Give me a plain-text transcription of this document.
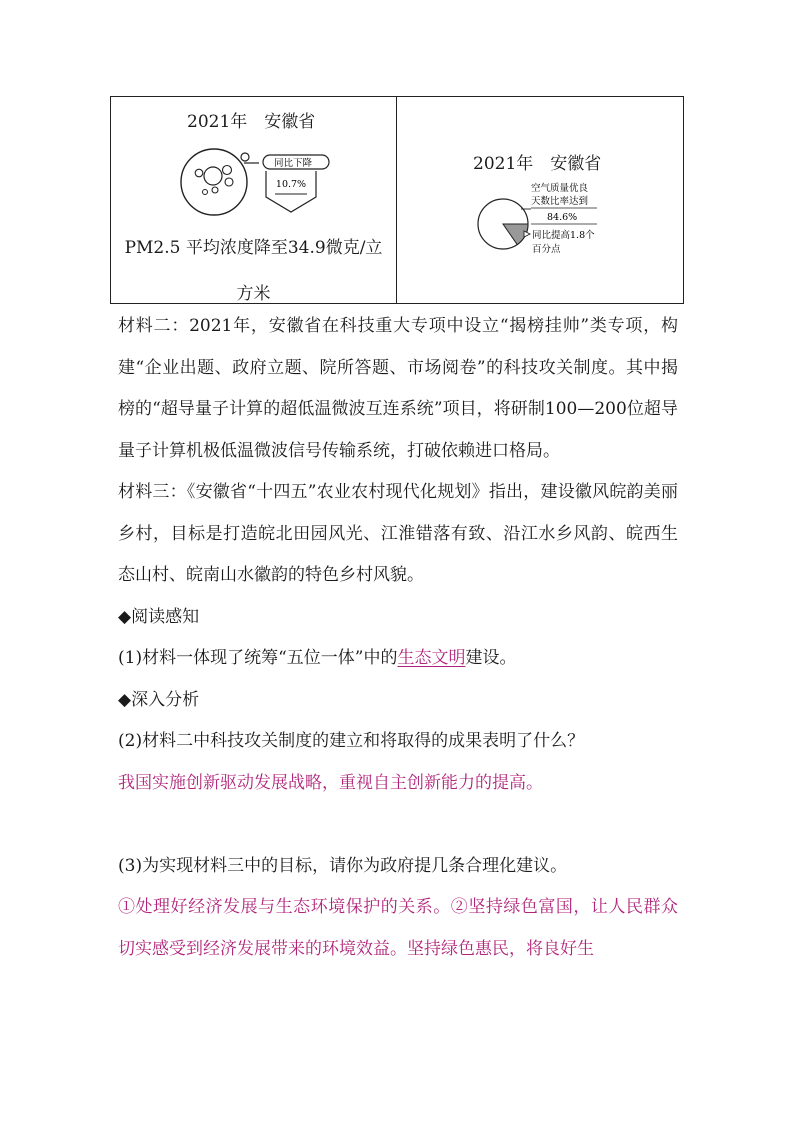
2021年　安徽省
同比下降
10.7%
PM2.5 平均浓度降至34.9微克/立方米
2021年　安徽省
空气质量优良
天数比率达到
84.6%
同比提高1.8个
百分点

材料二：2021年，安徽省在科技重大专项中设立“揭榜挂帅”类专项，构建“企业出题、政府立题、院所答题、市场阅卷”的科技攻关制度。其中揭榜的“超导量子计算的超低温微波互连系统”项目，将研制100—200位超导量子计算机极低温微波信号传输系统，打破依赖进口格局。

材料三：《安徽省“十四五”农业农村现代化规划》指出，建设徽风皖韵美丽乡村，目标是打造皖北田园风光、江淮错落有致、沿江水乡风韵、皖西生态山村、皖南山水徽韵的特色乡村风貌。

◆阅读感知

(1)材料一体现了统筹“五位一体”中的生态文明建设。

◆深入分析

(2)材料二中科技攻关制度的建立和将取得的成果表明了什么？

我国实施创新驱动发展战略，重视自主创新能力的提高。

(3)为实现材料三中的目标，请你为政府提几条合理化建议。

①处理好经济发展与生态环境保护的关系。②坚持绿色富国，让人民群众切实感受到经济发展带来的环境效益。坚持绿色惠民，将良好生
